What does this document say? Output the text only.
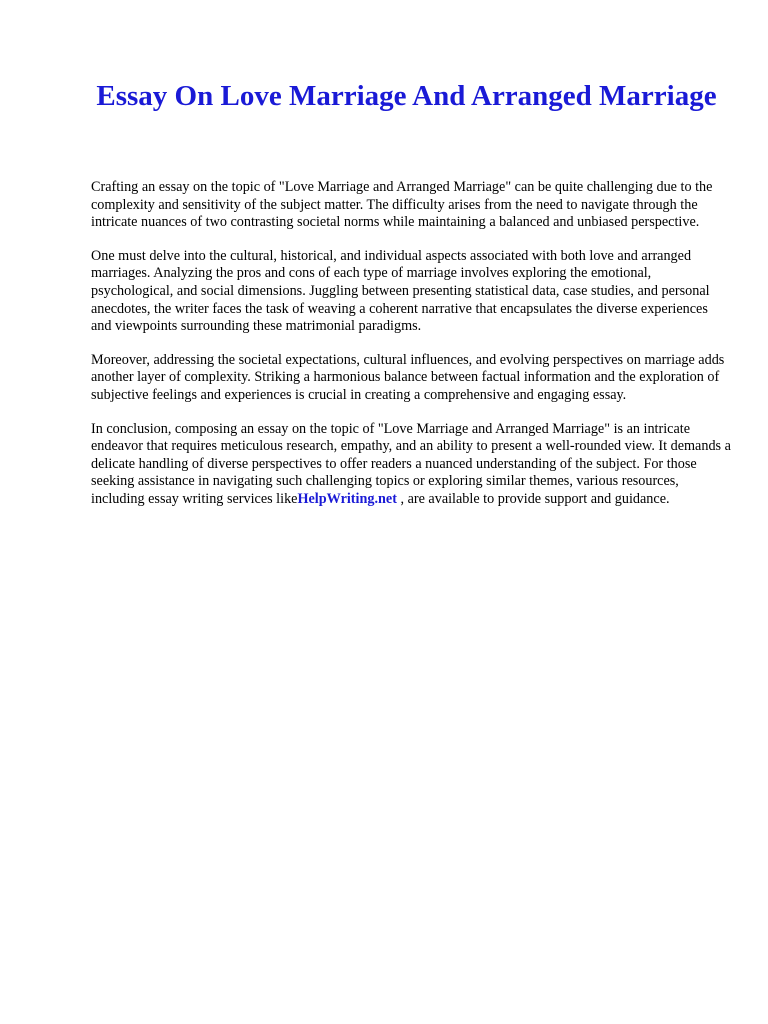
Essay On Love Marriage And Arranged Marriage

Crafting an essay on the topic of "Love Marriage and Arranged Marriage" can be quite challenging due to the complexity and sensitivity of the subject matter. The difficulty arises from the need to navigate through the intricate nuances of two contrasting societal norms while maintaining a balanced and unbiased perspective.

One must delve into the cultural, historical, and individual aspects associated with both love and arranged marriages. Analyzing the pros and cons of each type of marriage involves exploring the emotional, psychological, and social dimensions. Juggling between presenting statistical data, case studies, and personal anecdotes, the writer faces the task of weaving a coherent narrative that encapsulates the diverse experiences and viewpoints surrounding these matrimonial paradigms.

Moreover, addressing the societal expectations, cultural influences, and evolving perspectives on marriage adds another layer of complexity. Striking a harmonious balance between factual information and the exploration of subjective feelings and experiences is crucial in creating a comprehensive and engaging essay.

In conclusion, composing an essay on the topic of "Love Marriage and Arranged Marriage" is an intricate endeavor that requires meticulous research, empathy, and an ability to present a well-rounded view. It demands a delicate handling of diverse perspectives to offer readers a nuanced understanding of the subject. For those seeking assistance in navigating such challenging topics or exploring similar themes, various resources, including essay writing services likeHelpWriting.net , are available to provide support and guidance.
